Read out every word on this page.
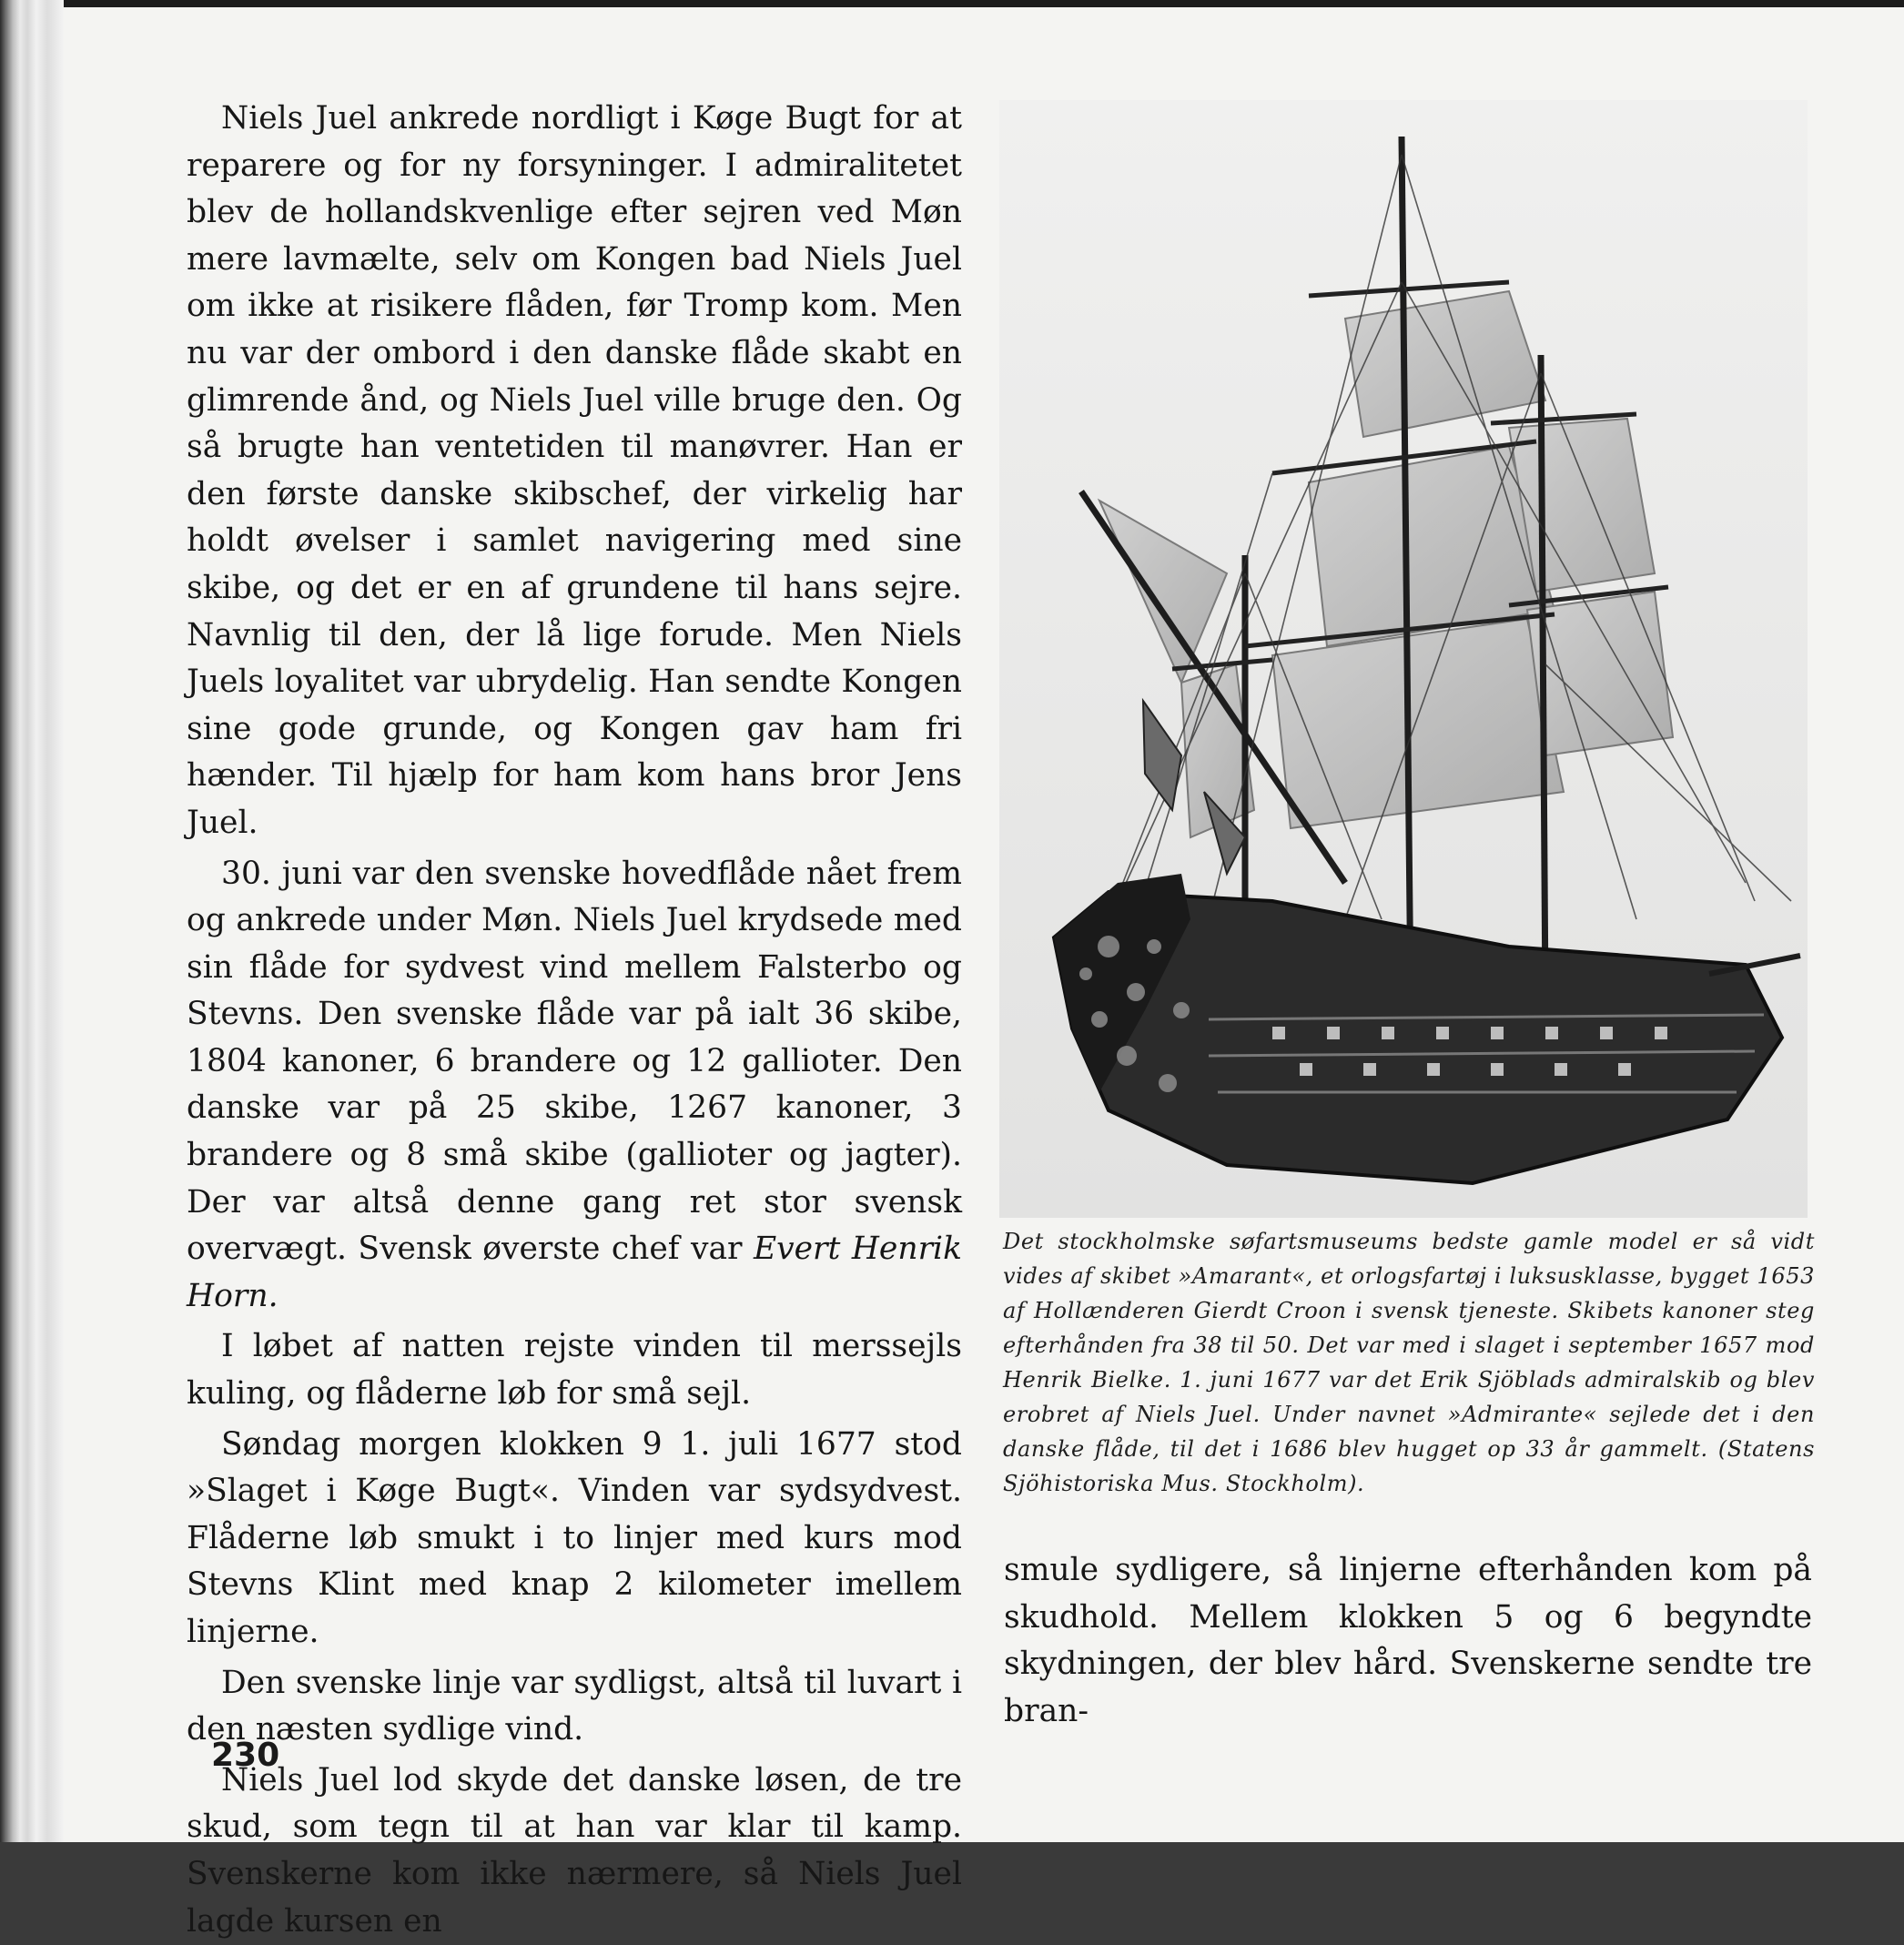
Niels Juel ankrede nordligt i Køge Bugt for at reparere og for ny forsyninger. I admiralitetet blev de hollandskvenlige efter sejren ved Møn mere lavmælte, selv om Kongen bad Niels Juel om ikke at risikere flåden, før Tromp kom. Men nu var der ombord i den danske flåde skabt en glimrende ånd, og Niels Juel ville bruge den. Og så brugte han ventetiden til manøvrer. Han er den første danske skibschef, der virkelig har holdt øvelser i samlet navigering med sine skibe, og det er en af grundene til hans sejre. Navnlig til den, der lå lige forude. Men Niels Juels loyalitet var ubrydelig. Han sendte Kongen sine gode grunde, og Kongen gav ham fri hænder. Til hjælp for ham kom hans bror Jens Juel.

30. juni var den svenske hovedflåde nået frem og ankrede under Møn. Niels Juel krydsede med sin flåde for sydvest vind mellem Falsterbo og Stevns. Den svenske flåde var på ialt 36 skibe, 1804 kanoner, 6 brandere og 12 gallioter. Den danske var på 25 skibe, 1267 kanoner, 3 brandere og 8 små skibe (gallioter og jagter). Der var altså denne gang ret stor svensk overvægt. Svensk øverste chef var Evert Henrik Horn.

I løbet af natten rejste vinden til merssejls kuling, og flåderne løb for små sejl.

Søndag morgen klokken 9 1. juli 1677 stod »Slaget i Køge Bugt«. Vinden var sydsydvest. Flåderne løb smukt i to linjer med kurs mod Stevns Klint med knap 2 kilometer imellem linjerne.

Den svenske linje var sydligst, altså til luvart i den næsten sydlige vind.

Niels Juel lod skyde det danske løsen, de tre skud, som tegn til at han var klar til kamp. Svenskerne kom ikke nærmere, så Niels Juel lagde kursen en

Det stockholmske søfartsmuseums bedste gamle model er så vidt vides af skibet »Amarant«, et orlogsfartøj i luksusklasse, bygget 1653 af Hollænderen Gierdt Croon i svensk tjeneste. Skibets kanoner steg efterhånden fra 38 til 50. Det var med i slaget i september 1657 mod Henrik Bielke. 1. juni 1677 var det Erik Sjöblads admiralskib og blev erobret af Niels Juel. Under navnet »Admirante« sejlede det i den danske flåde, til det i 1686 blev hugget op 33 år gammelt. (Statens Sjöhistoriska Mus. Stockholm).

smule sydligere, så linjerne efterhånden kom på skudhold. Mellem klokken 5 og 6 begyndte skydningen, der blev hård. Svenskerne sendte tre bran-

230
